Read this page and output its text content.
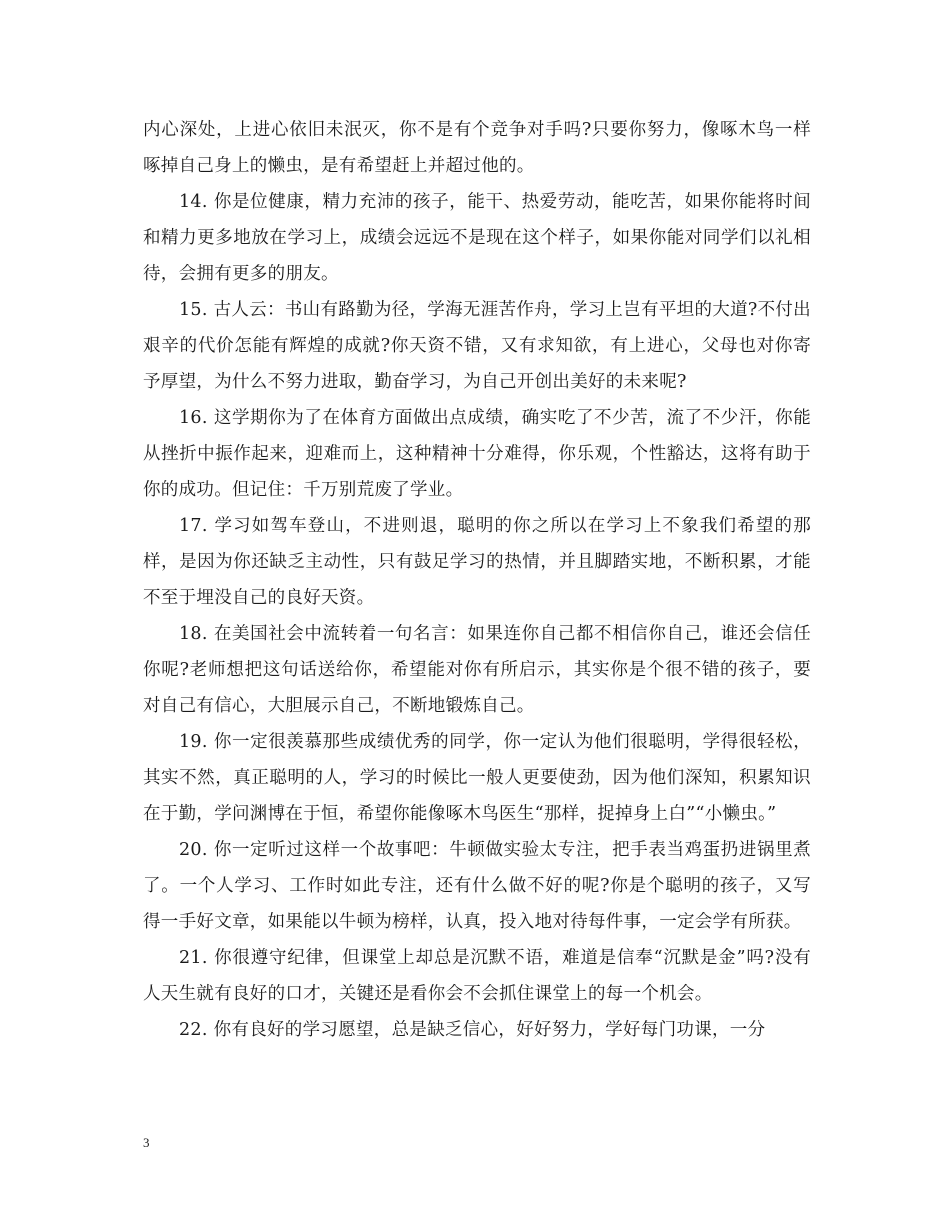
内心深处，上进心依旧未泯灭，你不是有个竞争对手吗?只要你努力，像啄木鸟一样啄掉自己身上的懒虫，是有希望赶上并超过他的。

14. 你是位健康，精力充沛的孩子，能干、热爱劳动，能吃苦，如果你能将时间和精力更多地放在学习上，成绩会远远不是现在这个样子，如果你能对同学们以礼相待，会拥有更多的朋友。

15. 古人云：书山有路勤为径，学海无涯苦作舟，学习上岂有平坦的大道?不付出艰辛的代价怎能有辉煌的成就?你天资不错，又有求知欲，有上进心，父母也对你寄予厚望，为什么不努力进取，勤奋学习，为自己开创出美好的未来呢?

16. 这学期你为了在体育方面做出点成绩，确实吃了不少苦，流了不少汗，你能从挫折中振作起来，迎难而上，这种精神十分难得，你乐观，个性豁达，这将有助于你的成功。但记住：千万别荒废了学业。

17. 学习如驾车登山，不进则退，聪明的你之所以在学习上不象我们希望的那样，是因为你还缺乏主动性，只有鼓足学习的热情，并且脚踏实地，不断积累，才能不至于埋没自己的良好天资。

18. 在美国社会中流转着一句名言：如果连你自己都不相信你自己，谁还会信任你呢?老师想把这句话送给你，希望能对你有所启示，其实你是个很不错的孩子，要对自己有信心，大胆展示自己，不断地锻炼自己。

19. 你一定很羡慕那些成绩优秀的同学，你一定认为他们很聪明，学得很轻松，其实不然，真正聪明的人，学习的时候比一般人更要使劲，因为他们深知，积累知识在于勤，学问渊博在于恒，希望你能像啄木鸟医生“那样，捉掉身上白”“小懒虫。”

20. 你一定听过这样一个故事吧：牛顿做实验太专注，把手表当鸡蛋扔进锅里煮了。一个人学习、工作时如此专注，还有什么做不好的呢?你是个聪明的孩子，又写得一手好文章，如果能以牛顿为榜样，认真，投入地对待每件事，一定会学有所获。

21. 你很遵守纪律，但课堂上却总是沉默不语，难道是信奉“沉默是金”吗?没有人天生就有良好的口才，关键还是看你会不会抓住课堂上的每一个机会。

22. 你有良好的学习愿望，总是缺乏信心，好好努力，学好每门功课，一分

3
